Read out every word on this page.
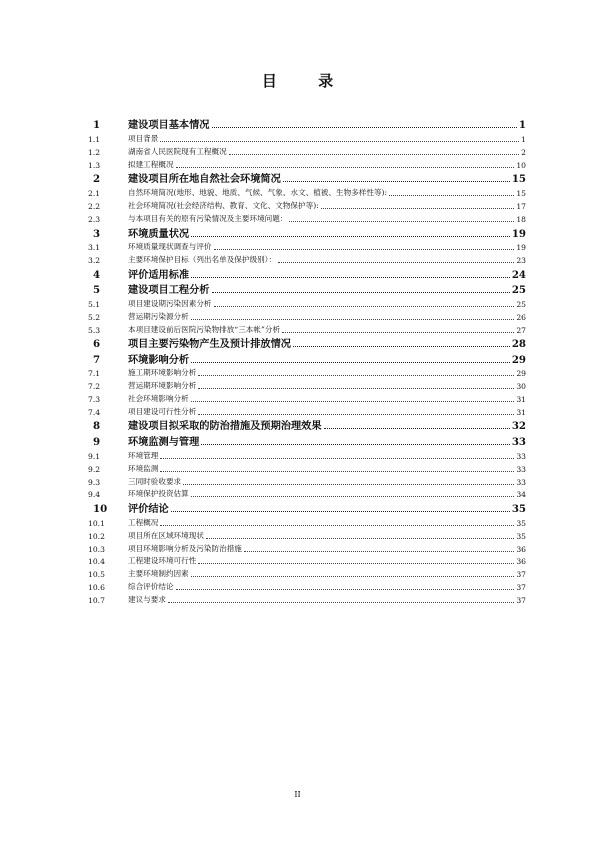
目 录
1	建设项目基本情况	1
1.1	项目背景	1
1.2	湖南省人民医院现有工程概况	2
1.3	拟建工程概况	10
2	建设项目所在地自然社会环境简况	15
2.1	自然环境简况(地形、地貌、地质、气候、气象、水文、植被、生物多样性等):	15
2.2	社会环境简况(社会经济结构、教育、文化、文物保护等):	17
2.3	与本项目有关的原有污染情况及主要环境问题：	18
3	环境质量状况	19
3.1	环境质量现状调查与评价	19
3.2	主要环境保护目标（列出名单及保护级别）：	23
4	评价适用标准	24
5	建设项目工程分析	25
5.1	项目建设期污染因素分析	25
5.2	营运期污染源分析	26
5.3	本项目建设前后医院污染物排放“三本帐”分析	27
6	项目主要污染物产生及预计排放情况	28
7	环境影响分析	29
7.1	施工期环境影响分析	29
7.2	营运期环境影响分析	30
7.3	社会环境影响分析	31
7.4	项目建设可行性分析	31
8	建设项目拟采取的防治措施及预期治理效果	32
9	环境监测与管理	33
9.1	环境管理	33
9.2	环境监测	33
9.3	三同时验收要求	33
9.4	环境保护投资估算	34
10	评价结论	35
10.1	工程概况	35
10.2	项目所在区域环境现状	35
10.3	项目环境影响分析及污染防治措施	36
10.4	工程建设环境可行性	36
10.5	主要环境制约因素	37
10.6	综合评价结论	37
10.7	建议与要求	37
II
